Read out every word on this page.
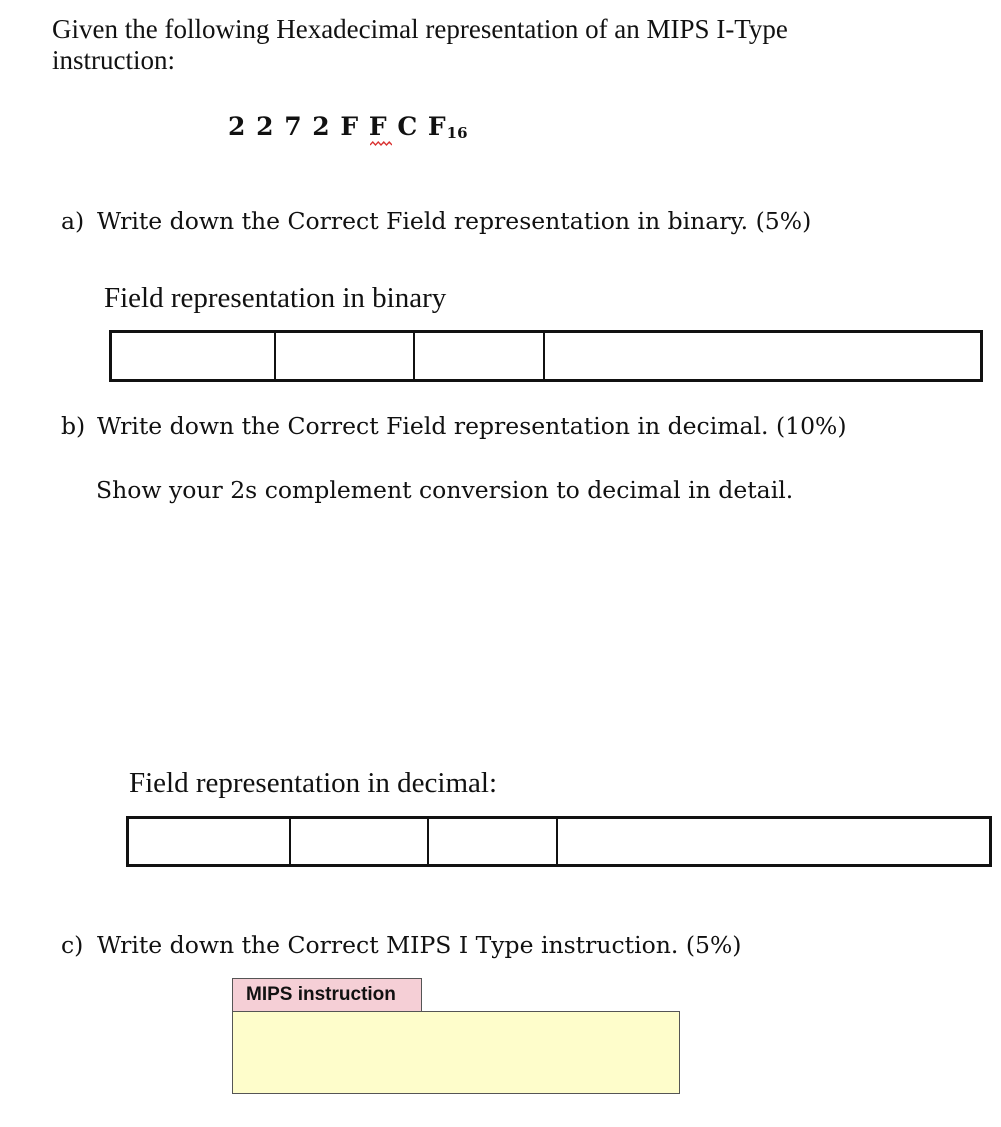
Given the following Hexadecimal representation of an MIPS I-Type
instruction:
2 2 7 2 F F
C $F_{16}$
a) Write down the Correct Field representation in binary. (5%)
Field representation in binary
b) Write down the Correct Field representation in decimal. (10%)
Show your 2s complement conversion to decimal in detail.
Field representation in decimal:
c) Write down the Correct MIPS I Type instruction. (5%)
MIPS instruction
